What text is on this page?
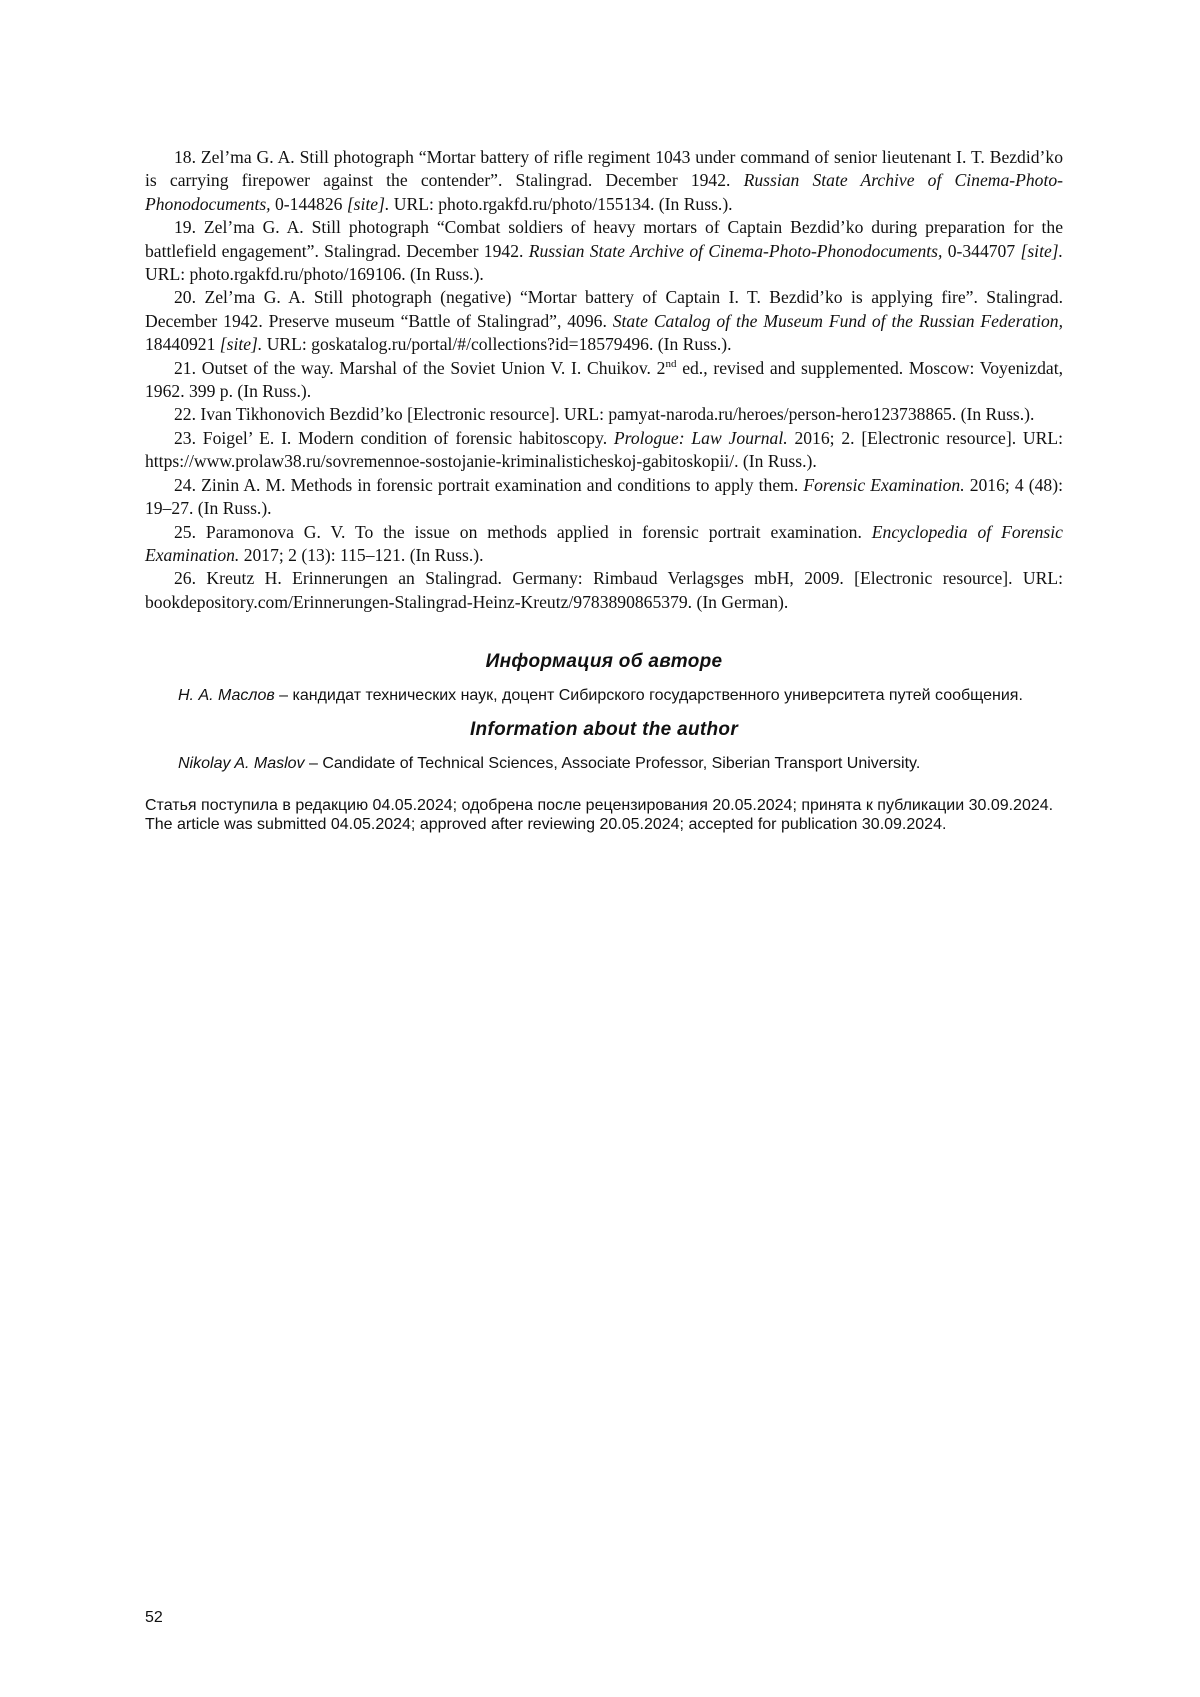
18. Zel’ma G. A. Still photograph “Mortar battery of rifle regiment 1043 under command of senior lieutenant I. T. Bezdid’ko is carrying firepower against the contender”. Stalingrad. December 1942. Russian State Archive of Cinema-Photo-Phonodocuments, 0-144826 [site]. URL: photo.rgakfd.ru/photo/155134. (In Russ.).

19. Zel’ma G. A. Still photograph “Combat soldiers of heavy mortars of Captain Bezdid’ko during preparation for the battlefield engagement”. Stalingrad. December 1942. Russian State Archive of Cinema-Photo-Phonodocuments, 0-344707 [site]. URL: photo.rgakfd.ru/photo/169106. (In Russ.).

20. Zel’ma G. A. Still photograph (negative) “Mortar battery of Captain I. T. Bezdid’ko is applying fire”. Stalingrad. December 1942. Preserve museum “Battle of Stalingrad”, 4096. State Catalog of the Museum Fund of the Russian Federation, 18440921 [site]. URL: goskatalog.ru/portal/#/collections?id=18579496. (In Russ.).

21. Outset of the way. Marshal of the Soviet Union V. I. Chuikov. 2nd ed., revised and supplemented. Moscow: Voyenizdat, 1962. 399 p. (In Russ.).

22. Ivan Tikhonovich Bezdid’ko [Electronic resource]. URL: pamyat-naroda.ru/heroes/person-hero123738865. (In Russ.).

23. Foigel’ E. I. Modern condition of forensic habitoscopy. Prologue: Law Journal. 2016; 2. [Electronic resource]. URL: https://www.prolaw38.ru/sovremennoe-sostojanie-kriminalisticheskoj-gabitoskopii/. (In Russ.).

24. Zinin A. M. Methods in forensic portrait examination and conditions to apply them. Forensic Examination. 2016; 4 (48): 19–27. (In Russ.).

25. Paramonova G. V. To the issue on methods applied in forensic portrait examination. Encyclopedia of Forensic Examination. 2017; 2 (13): 115–121. (In Russ.).

26. Kreutz H. Erinnerungen an Stalingrad. Germany: Rimbaud Verlagsges mbH, 2009. [Electronic resource]. URL: bookdepository.com/Erinnerungen-Stalingrad-Heinz-Kreutz/9783890865379. (In German).

Информация об авторе

Н. А. Маслов – кандидат технических наук, доцент Сибирского государственного университета путей сообщения.

Information about the author

Nikolay A. Maslov – Candidate of Technical Sciences, Associate Professor, Siberian Transport University.

Статья поступила в редакцию 04.05.2024; одобрена после рецензирования 20.05.2024; принята к публикации 30.09.2024.

The article was submitted 04.05.2024; approved after reviewing 20.05.2024; accepted for publication 30.09.2024.

52
